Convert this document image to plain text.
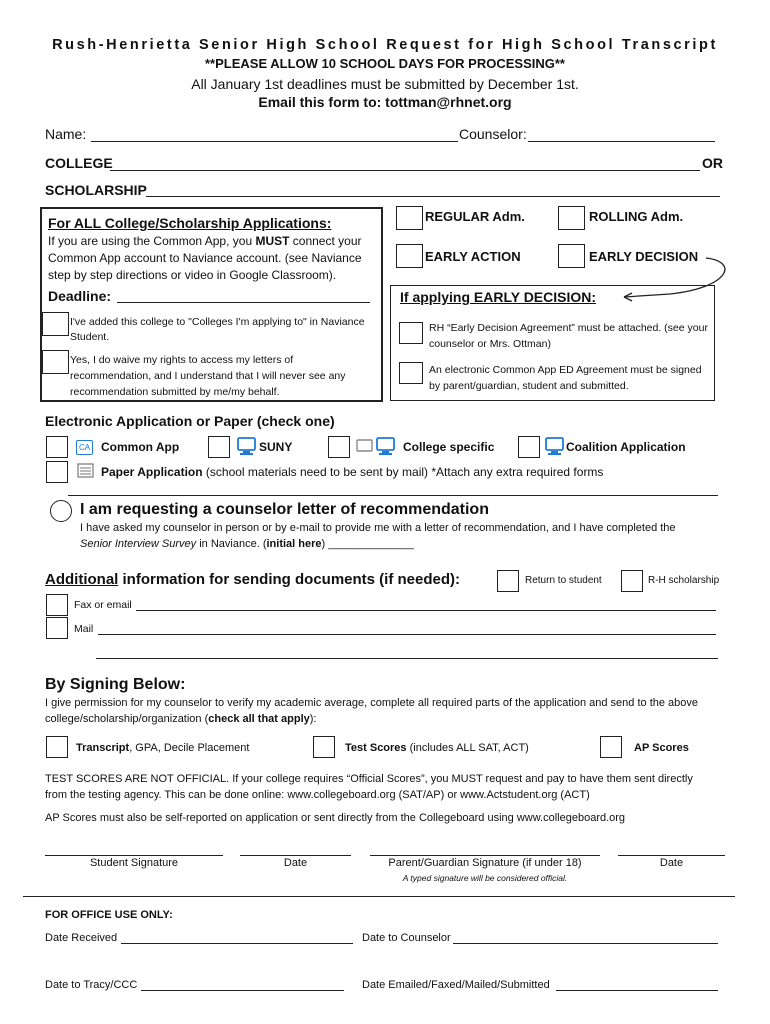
Rush-Henrietta Senior High School Request for High School Transcript
**PLEASE ALLOW 10 SCHOOL DAYS FOR PROCESSING**
All January 1st deadlines must be submitted by December 1st.
Email this form to: tottman@rhnet.org
Name:	Counselor:
COLLEGE	OR
SCHOLARSHIP
For ALL College/Scholarship Applications:
If you are using the Common App, you MUST connect your Common App account to Naviance account. (see Naviance step by step directions or video in Google Classroom).
Deadline:
I've added this college to "Colleges I'm applying to" in Naviance Student.
Yes, I do waive my rights to access my letters of recommendation, and I understand that I will never see any recommendation submitted by me/my behalf.
REGULAR Adm.	ROLLING Adm.
EARLY ACTION	EARLY DECISION
If applying EARLY DECISION:
RH “Early Decision Agreement” must be attached. (see your counselor or Mrs. Ottman)
An electronic Common App ED Agreement must be signed by parent/guardian, student and submitted.
Electronic Application or Paper (check one)
CA Common App	SUNY	College specific	Coalition Application
Paper Application (school materials need to be sent by mail) *Attach any extra required forms
I am requesting a counselor letter of recommendation
I have asked my counselor in person or by e-mail to provide me with a letter of recommendation, and I have completed the
Senior Interview Survey in Naviance. (initial here) ______________
Additional information for sending documents (if needed):	Return to student	R-H scholarship
Fax or email
Mail
By Signing Below:
I give permission for my counselor to verify my academic average, complete all required parts of the application and send to the above
college/scholarship/organization (check all that apply):
Transcript, GPA, Decile Placement	Test Scores (includes ALL SAT, ACT)	AP Scores
TEST SCORES ARE NOT OFFICIAL. If your college requires “Official Scores”, you MUST request and pay to have them sent directly
from the testing agency. This can be done online: www.collegeboard.org (SAT/AP) or www.Actstudent.org (ACT)
AP Scores must also be self-reported on application or sent directly from the Collegeboard using www.collegeboard.org
Student Signature	Date	Parent/Guardian Signature (if under 18)	Date
A typed signature will be considered official.
FOR OFFICE USE ONLY:
Date Received	Date to Counselor
Date to Tracy/CCC	Date Emailed/Faxed/Mailed/Submitted
